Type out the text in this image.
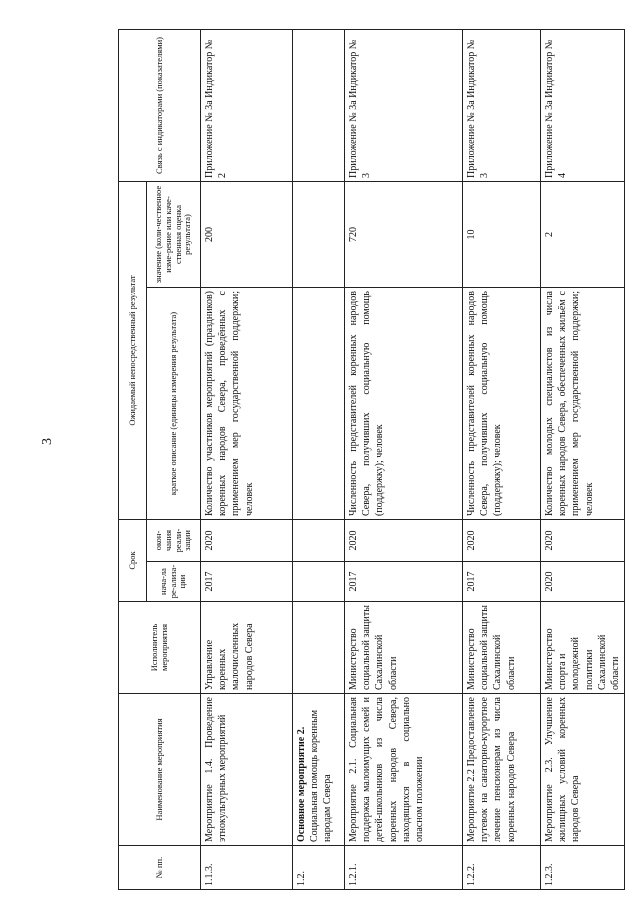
3
№ пп.	Наименование мероприятия	Исполнитель мероприятия	Срок		Ожидаемый непосредственный результат		Связь с индикаторами (показателями)
			нача-ла ре-ализа-ции	окон-чания реали-зации	краткое описание (единицы измерения результата)	значение (коли-чественное изме-рение или каче-ственная оценка результата)	
1.1.3.	Мероприятие 1.4. Проведение этнокультурных мероприятий	Управление коренных малочисленных народов Севера	2017	2020	Количество участников мероприятий (праздников) коренных народов Севера, проведённых с применением мер государственной поддержки; человек	200	Приложение № 3а Индикатор № 2
1.2.	Основное мероприятие 2. Социальная помощь коренным народам Севера						
1.2.1.	Мероприятие 2.1. Социальная поддержка малоимущих семей и детей-школьников из числа коренных народов Севера, находящихся в социально опасном положении	Министерство социальной защиты Сахалинской области	2017	2020	Численность представителей коренных народов Севера, получивших социальную помощь (поддержку); человек	720	Приложение № 3а Индикатор № 3
1.2.2.	Мероприятие 2.2 Предоставление путевок на санаторно-курортное лечение пенсионерам из числа коренных народов Севера	Министерство социальной защиты Сахалинской области	2017	2020	Численность представителей коренных народов Севера, получивших социальную помощь (поддержку); человек	10	Приложение № 3а Индикатор № 3
1.2.3.	Мероприятие 2.3. Улучшение жилищных условий коренных народов Севера	Министерство спорта и молодежной политики Сахалинской области	2020	2020	Количество молодых специалистов из числа коренных народов Севера, обеспеченных жильём с применением мер государственной поддержки; человек	2	Приложение № 3а Индикатор № 4
